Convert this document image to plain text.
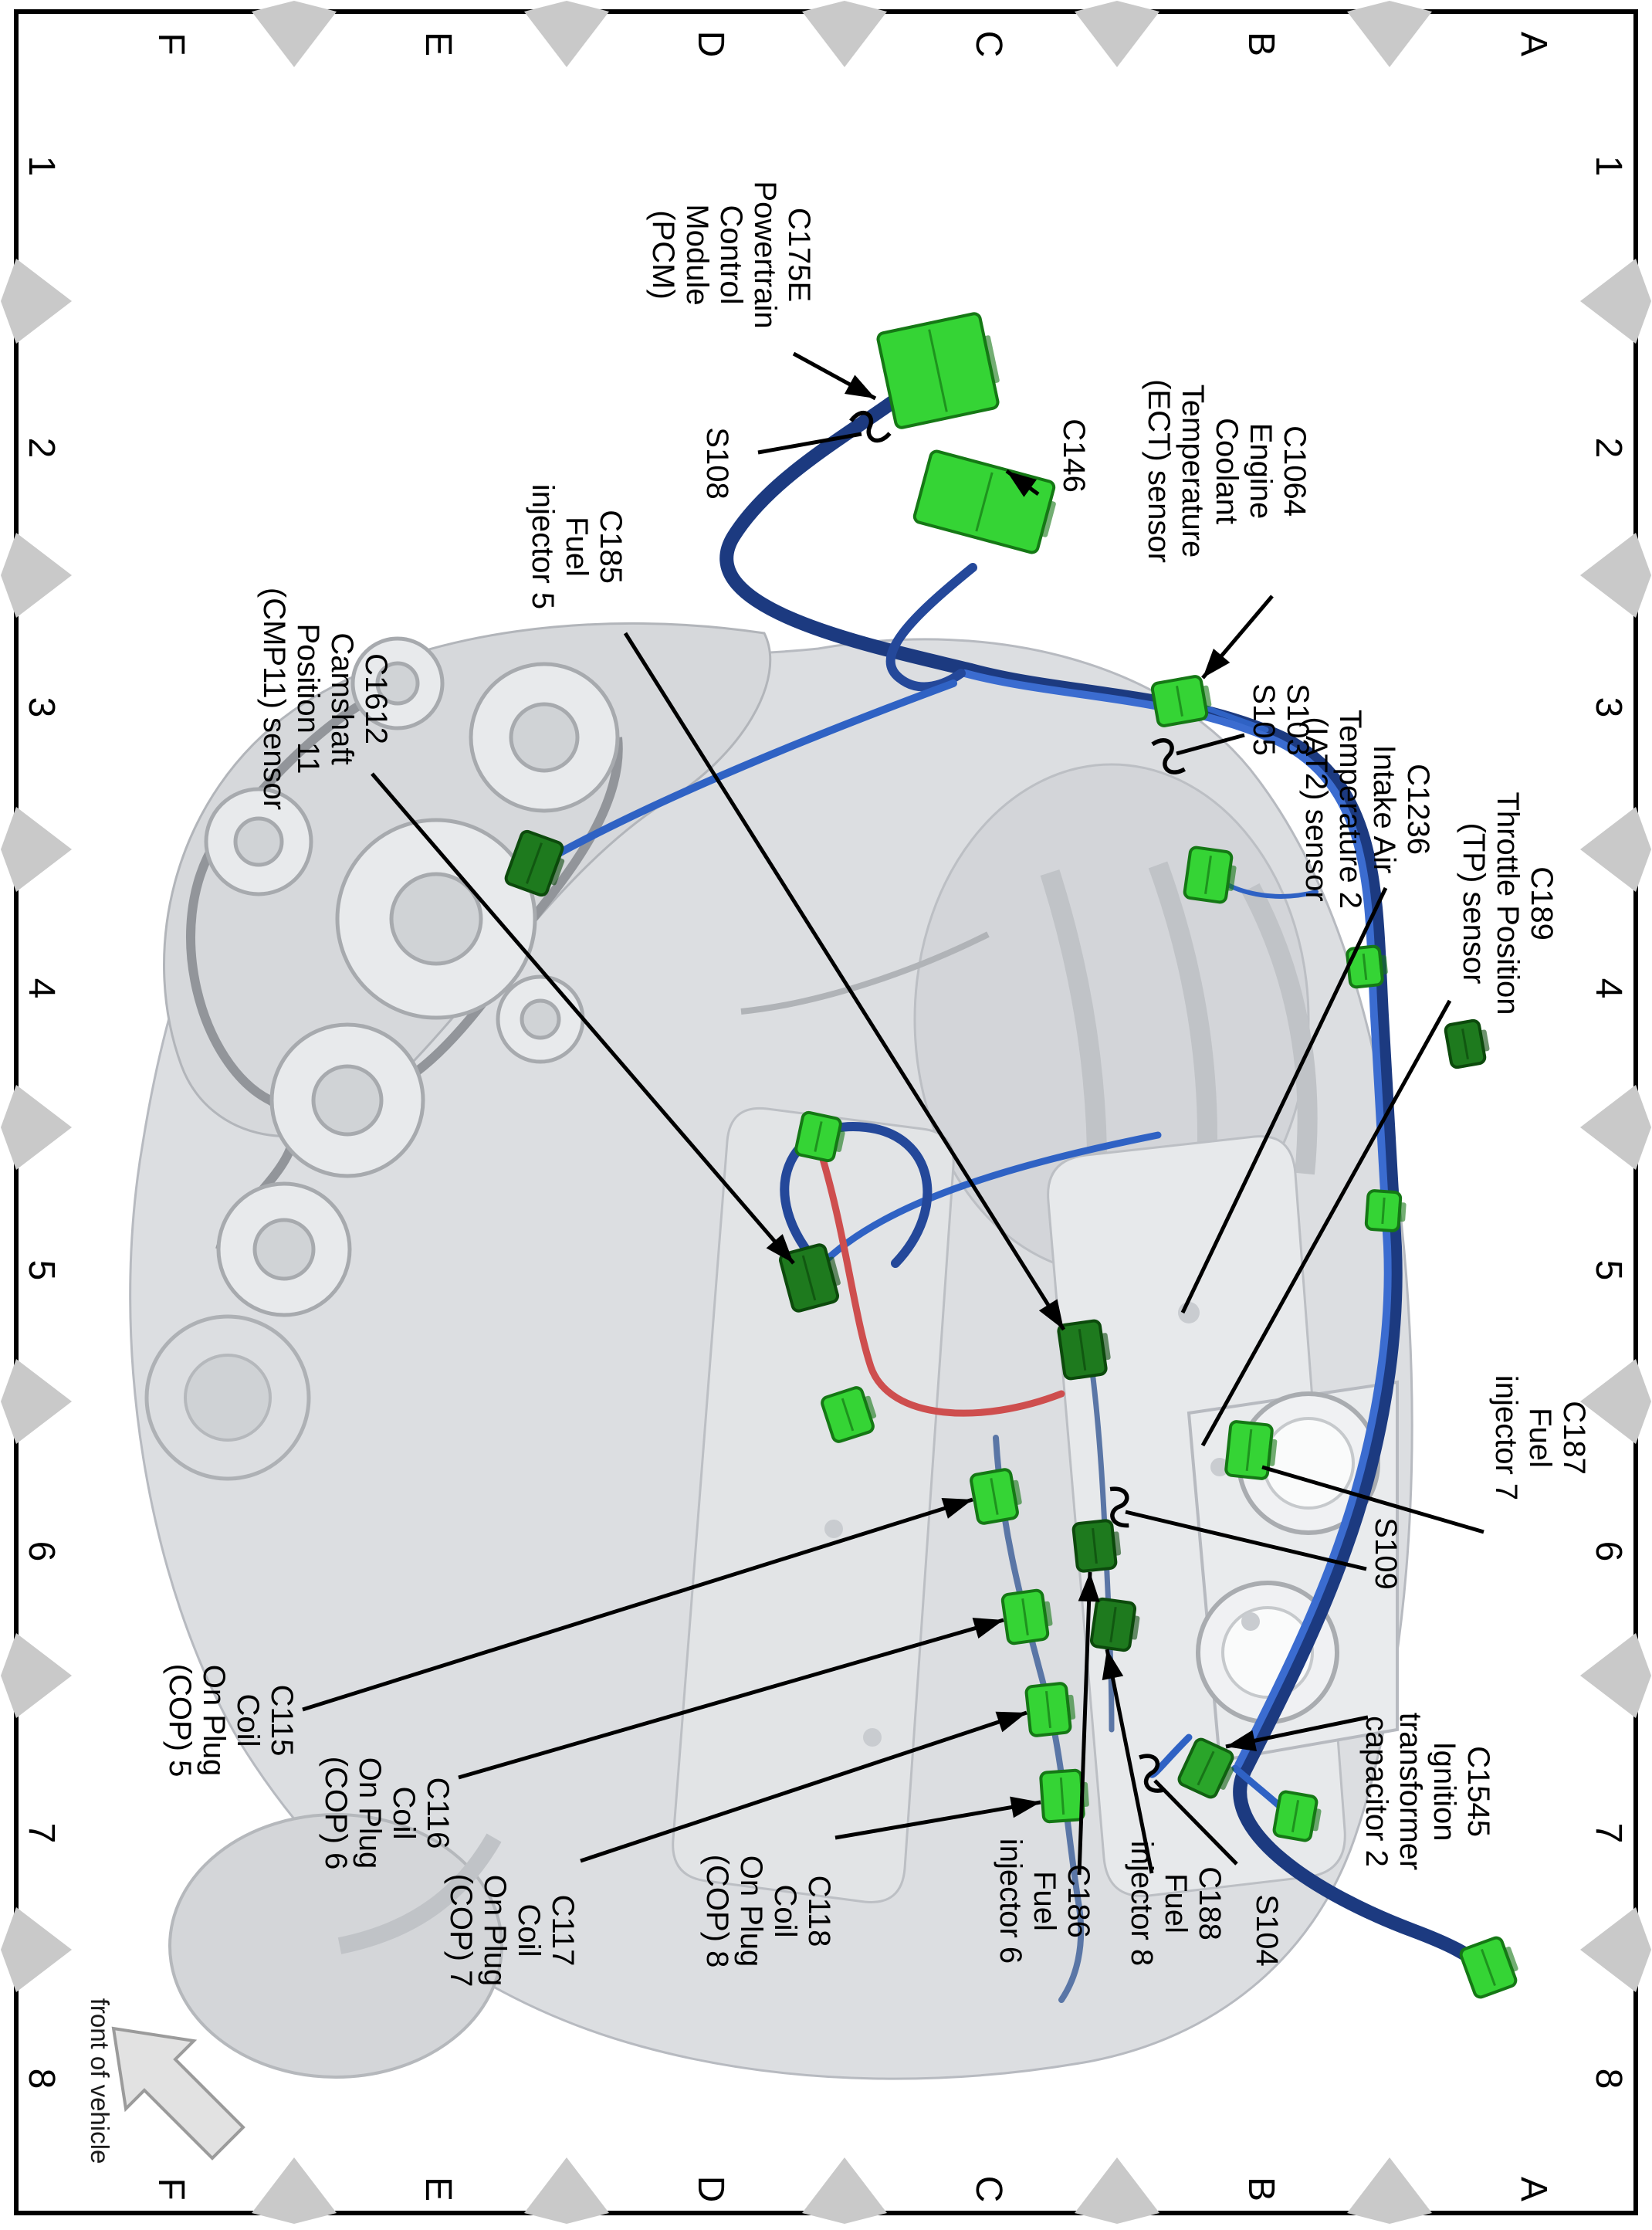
A
A
B
B
C
C
D
D
E
E
F
F
1
1
2
2
3
3
4
4
5
5
6
6
7
7
8
8
C175EPowertrainControlModule(PCM)
S108	C146	C1064EngineCoolantTemperature(ECT) sensor
C185Fuelinjector 5
C1612CamshaftPosition 11(CMP11) sensor	S103S105
C1236Intake AirTemperature 2(IAT2) sensor
C189Throttle Position(TP) sensor
C187Fuelinjector 7
S109
C115CoilOn Plug(COP) 5
C116CoilOn Plug(COP) 6
C117CoilOn Plug(COP) 7	C118CoilOn Plug(COP) 8	C186Fuelinjector 6	C188Fuelinjector 8	S104
C1545Ignitiontransformercapacitor 2
front of vehicle
